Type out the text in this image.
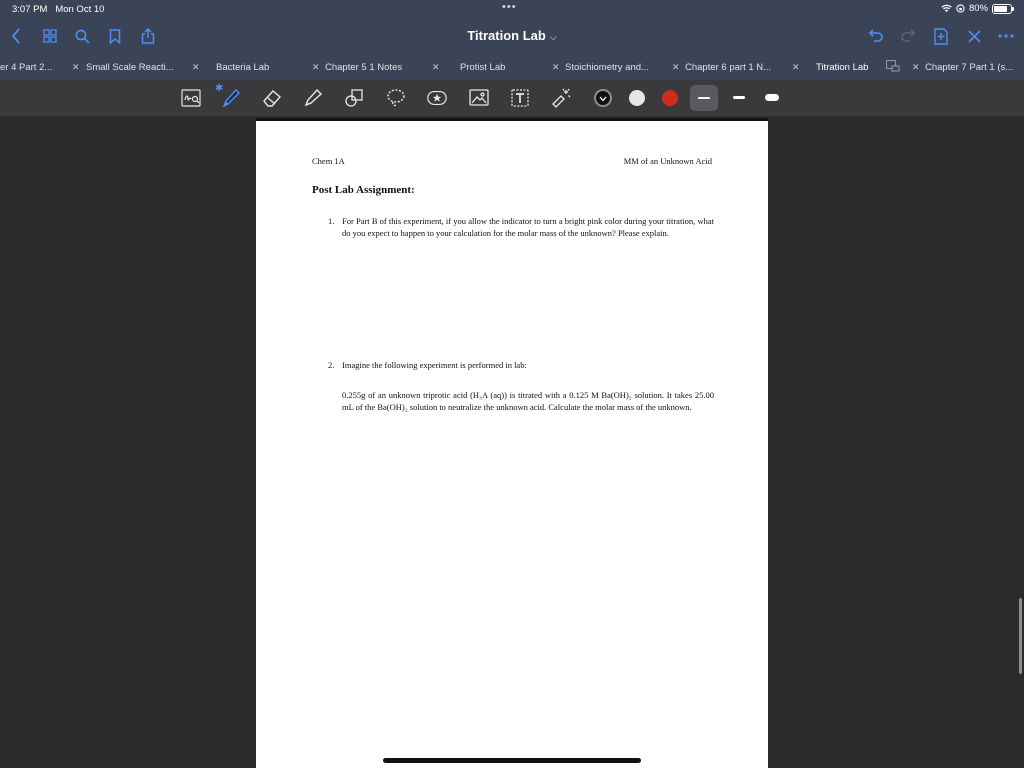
3:07 PM Mon Oct 10	•••	80%
Titration Lab ⌵
er 4 Part 2... ✕ Small Scale Reacti... ✕ Bacteria Lab	✕ Chapter 5 1 Notes	✕ Protist Lab	✕ Stoichiometry and...	✕ Chapter 6 part 1 N... ✕ Titration Lab	✕ Chapter 7 Part 1 (s...
✱
Chem 1A	MM of an Unknown Acid
Post Lab Assignment:
1. For Part B of this experiment, if you allow the indicator to turn a bright pink color during your titration, what do you expect to happen to your calculation for the molar mass of the unknown? Please explain.
2. Imagine the following experiment is performed in lab:
0.255g of an unknown triprotic acid (H₃A (aq)) is titrated with a 0.125 M Ba(OH)₂ solution. It takes 25.00 mL of the Ba(OH)₂ solution to neutralize the unknown acid. Calculate the molar mass of the unknown.
